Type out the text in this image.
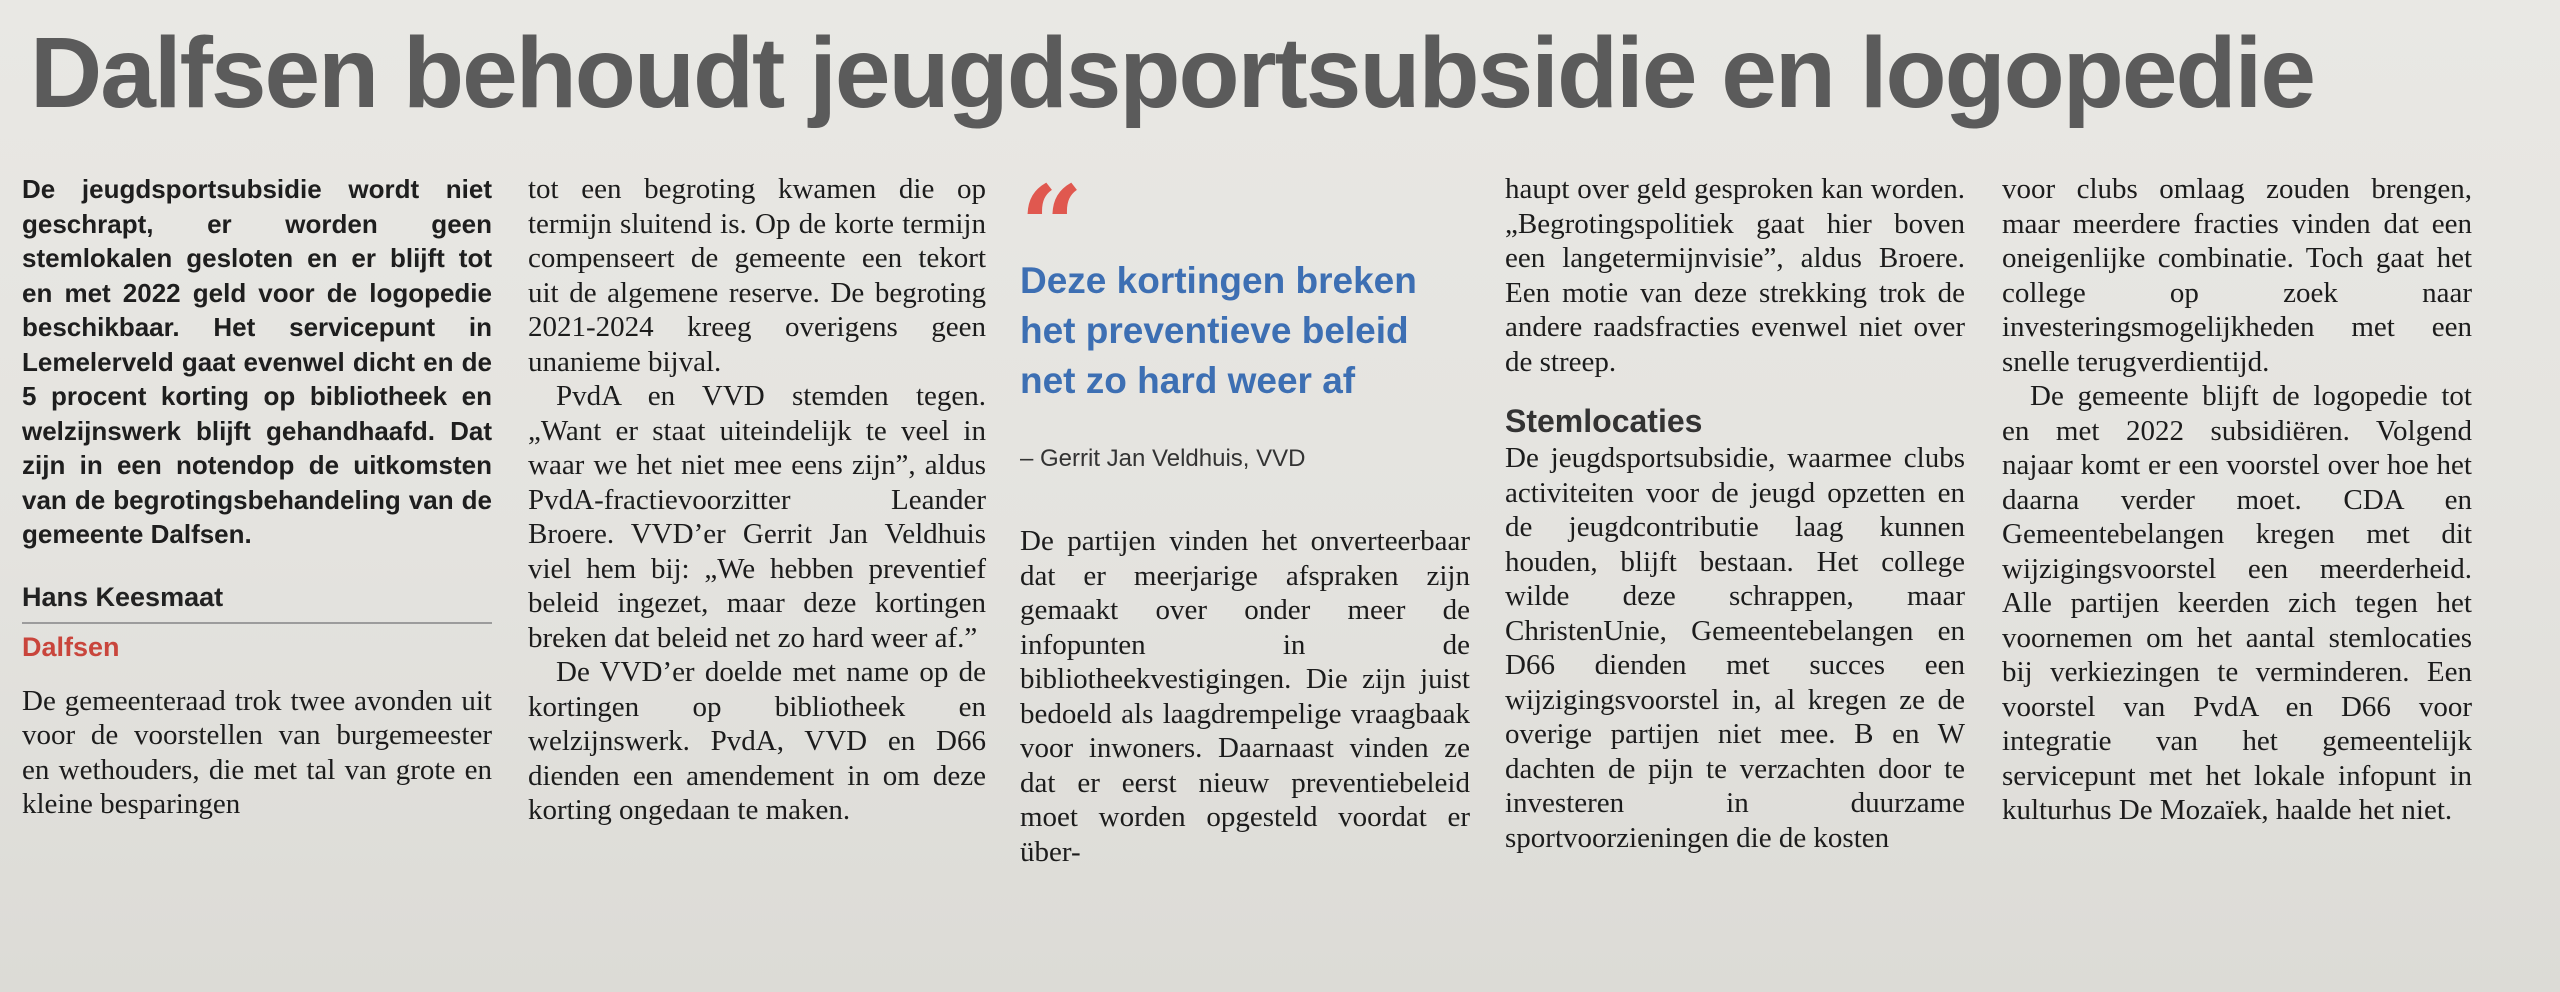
Dalfsen behoudt jeugdsportsubsidie en logopedie

De jeugdsportsubsidie wordt niet geschrapt, er worden geen stemlokalen gesloten en er blijft tot en met 2022 geld voor de logopedie beschikbaar. Het servicepunt in Lemelerveld gaat evenwel dicht en de 5 procent korting op bibliotheek en welzijnswerk blijft gehandhaafd. Dat zijn in een notendop de uitkomsten van de begrotingsbehandeling van de gemeente Dalfsen.

Hans Keesmaat
Dalfsen

De gemeenteraad trok twee avonden uit voor de voorstellen van burgemeester en wethouders, die met tal van grote en kleine besparingen

tot een begroting kwamen die op termijn sluitend is. Op de korte termijn compenseert de gemeente een tekort uit de algemene reserve. De begroting 2021-2024 kreeg overigens geen unanieme bijval.

PvdA en VVD stemden tegen. „Want er staat uiteindelijk te veel in waar we het niet mee eens zijn”, aldus PvdA-fractievoorzitter Leander Broere. VVD’er Gerrit Jan Veldhuis viel hem bij: „We hebben preventief beleid ingezet, maar deze kortingen breken dat beleid net zo hard weer af.”

De VVD’er doelde met name op de kortingen op bibliotheek en welzijnswerk. PvdA, VVD en D66 dienden een amendement in om deze korting ongedaan te maken.

“

Deze kortingen breken het preventieve beleid net zo hard weer af

– Gerrit Jan Veldhuis, VVD

De partijen vinden het onverteerbaar dat er meerjarige afspraken zijn gemaakt over onder meer de infopunten in de bibliotheekvestigingen. Die zijn juist bedoeld als laagdrempelige vraagbaak voor inwoners. Daarnaast vinden ze dat er eerst nieuw preventiebeleid moet worden opgesteld voordat er über-

haupt over geld gesproken kan worden. „Begrotingspolitiek gaat hier boven een langetermijnvisie”, aldus Broere. Een motie van deze strekking trok de andere raadsfracties evenwel niet over de streep.

Stemlocaties

De jeugdsportsubsidie, waarmee clubs activiteiten voor de jeugd opzetten en de jeugdcontributie laag kunnen houden, blijft bestaan. Het college wilde deze schrappen, maar ChristenUnie, Gemeentebelangen en D66 dienden met succes een wijzigingsvoorstel in, al kregen ze de overige partijen niet mee. B en W dachten de pijn te verzachten door te investeren in duurzame sportvoorzieningen die de kosten

voor clubs omlaag zouden brengen, maar meerdere fracties vinden dat een oneigenlijke combinatie. Toch gaat het college op zoek naar investeringsmogelijkheden met een snelle terugverdientijd.

De gemeente blijft de logopedie tot en met 2022 subsidiëren. Volgend najaar komt er een voorstel over hoe het daarna verder moet. CDA en Gemeentebelangen kregen met dit wijzigingsvoorstel een meerderheid. Alle partijen keerden zich tegen het voornemen om het aantal stemlocaties bij verkiezingen te verminderen. Een voorstel van PvdA en D66 voor integratie van het gemeentelijk servicepunt met het lokale infopunt in kulturhus De Mozaïek, haalde het niet.
